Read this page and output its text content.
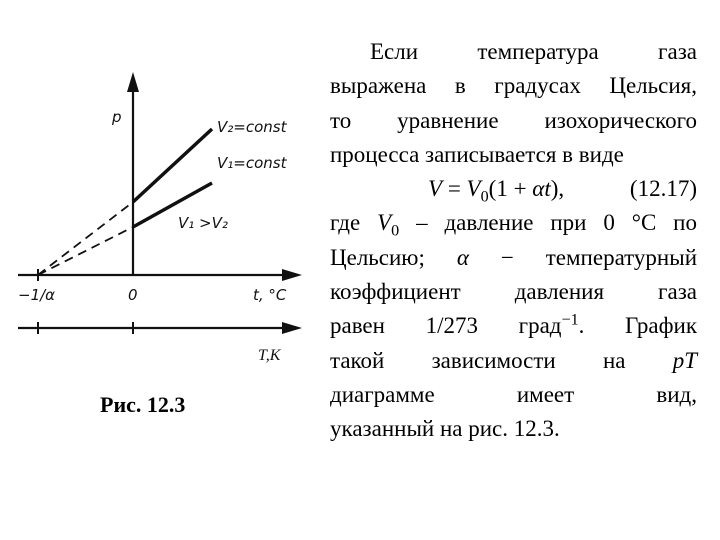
p
−1/α	0	t, °C
T,K
V₂=const
V₁=const
V₁ >V₂
Рис. 12.3
Если температура газа
выражена в градусах Цельсия,
то уравнение изохорического
процесса записывается в виде
$V = V_0(1 + \alpha t)$,	(12.17)
где $V_0$ – давление при 0 °С по
Цельсию; α − температурный
коэффициент давления газа
равен 1/273 град$^{-1}$. График
такой зависимости на pT
диаграмме имеет вид,
указанный на рис. 12.3.
